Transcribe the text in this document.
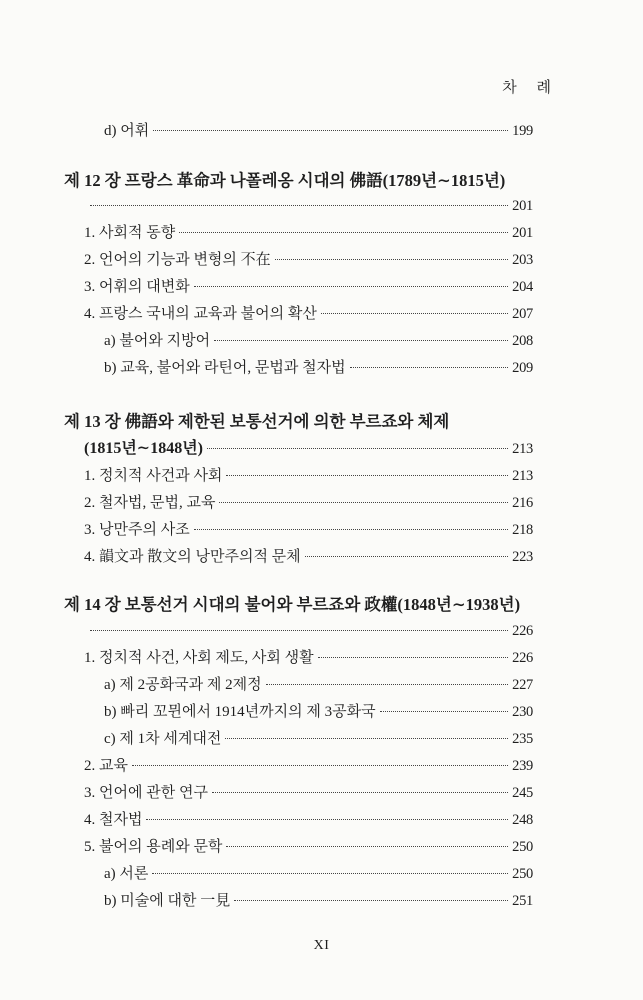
차 례
d) 어휘	199
제 12 장 프랑스 革命과 나폴레옹 시대의 佛語(1789년∼1815년)
201
1. 사회적 동향	201
2. 언어의 기능과 변형의 不在	203
3. 어휘의 대변화	204
4. 프랑스 국내의 교육과 불어의 확산	207
a) 불어와 지방어	208
b) 교육, 불어와 라틴어, 문법과 철자법	209
제 13 장 佛語와 제한된 보통선거에 의한 부르죠와 체제
(1815년∼1848년)	213
1. 정치적 사건과 사회	213
2. 철자법, 문법, 교육	216
3. 낭만주의 사조	218
4. 韻文과 散文의 낭만주의적 문체	223
제 14 장 보통선거 시대의 불어와 부르죠와 政權(1848년∼1938년)
226
1. 정치적 사건, 사회 제도, 사회 생활	226
a) 제 2공화국과 제 2제정	227
b) 빠리 꼬뮌에서 1914년까지의 제 3공화국	230
c) 제 1차 세계대전	235
2. 교육	239
3. 언어에 관한 연구	245
4. 철자법	248
5. 불어의 용례와 문학	250
a) 서론	250
b) 미술에 대한 一見	251
XI
